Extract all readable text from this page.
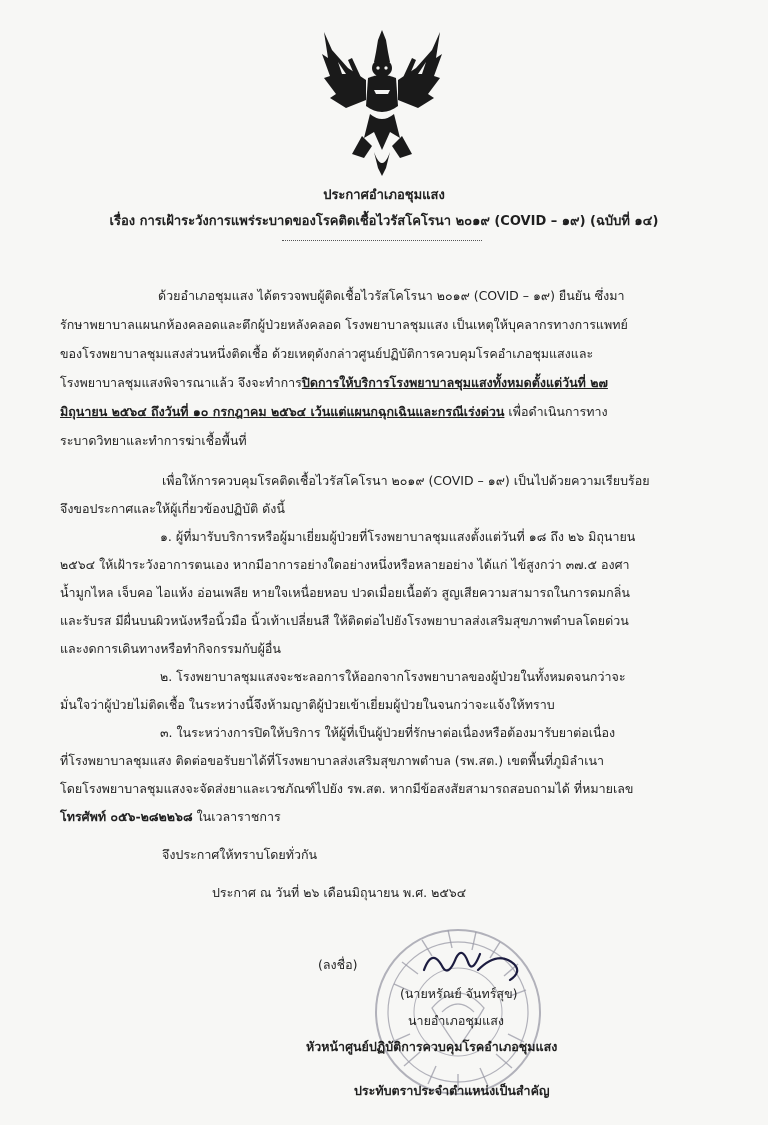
ประกาศอำเภอชุมแสง
เรื่อง การเฝ้าระวังการแพร่ระบาดของโรคติดเชื้อไวรัสโคโรนา ๒๐๑๙ (COVID – ๑๙) (ฉบับที่ ๑๔)
ด้วยอำเภอชุมแสง ได้ตรวจพบผู้ติดเชื้อไวรัสโคโรนา ๒๐๑๙ (COVID – ๑๙) ยืนยัน ซึ่งมา
รักษาพยาบาลแผนกห้องคลอดและตึกผู้ป่วยหลังคลอด โรงพยาบาลชุมแสง เป็นเหตุให้บุคลากรทางการแพทย์
ของโรงพยาบาลชุมแสงส่วนหนึ่งติดเชื้อ ด้วยเหตุดังกล่าวศูนย์ปฏิบัติการควบคุมโรคอำเภอชุมแสงและ
โรงพยาบาลชุมแสงพิจารณาแล้ว จึงจะทำการปิดการให้บริการโรงพยาบาลชุมแสงทั้งหมดตั้งแต่วันที่ ๒๗
มิถุนายน ๒๕๖๔ ถึงวันที่ ๑๐ กรกฎาคม ๒๕๖๔ เว้นแต่แผนกฉุกเฉินและกรณีเร่งด่วน เพื่อดำเนินการทาง
ระบาดวิทยาและทำการฆ่าเชื้อพื้นที่
เพื่อให้การควบคุมโรคติดเชื้อไวรัสโคโรนา ๒๐๑๙ (COVID – ๑๙) เป็นไปด้วยความเรียบร้อย
จึงขอประกาศและให้ผู้เกี่ยวข้องปฏิบัติ ดังนี้
๑. ผู้ที่มารับบริการหรือผู้มาเยี่ยมผู้ป่วยที่โรงพยาบาลชุมแสงตั้งแต่วันที่ ๑๘ ถึง ๒๖ มิถุนายน
๒๕๖๔ ให้เฝ้าระวังอาการตนเอง หากมีอาการอย่างใดอย่างหนึ่งหรือหลายอย่าง ได้แก่ ไข้สูงกว่า ๓๗.๕ องศา
น้ำมูกไหล เจ็บคอ ไอแห้ง อ่อนเพลีย หายใจเหนื่อยหอบ ปวดเมื่อยเนื้อตัว สูญเสียความสามารถในการดมกลิ่น
และรับรส มีผื่นบนผิวหนังหรือนิ้วมือ นิ้วเท้าเปลี่ยนสี ให้ติดต่อไปยังโรงพยาบาลส่งเสริมสุขภาพตำบลโดยด่วน
และงดการเดินทางหรือทำกิจกรรมกับผู้อื่น
๒. โรงพยาบาลชุมแสงจะชะลอการให้ออกจากโรงพยาบาลของผู้ป่วยในทั้งหมดจนกว่าจะ
มั่นใจว่าผู้ป่วยไม่ติดเชื้อ ในระหว่างนี้จึงห้ามญาติผู้ป่วยเข้าเยี่ยมผู้ป่วยในจนกว่าจะแจ้งให้ทราบ
๓. ในระหว่างการปิดให้บริการ ให้ผู้ที่เป็นผู้ป่วยที่รักษาต่อเนื่องหรือต้องมารับยาต่อเนื่อง
ที่โรงพยาบาลชุมแสง ติดต่อขอรับยาได้ที่โรงพยาบาลส่งเสริมสุขภาพตำบล (รพ.สต.) เขตพื้นที่ภูมิลำเนา
โดยโรงพยาบาลชุมแสงจะจัดส่งยาและเวชภัณฑ์ไปยัง รพ.สต. หากมีข้อสงสัยสามารถสอบถามได้ ที่หมายเลข
โทรศัพท์ ๐๕๖-๒๘๒๒๖๘ ในเวลาราชการ
จึงประกาศให้ทราบโดยทั่วกัน
ประกาศ ณ วันที่ ๒๖ เดือนมิถุนายน พ.ศ. ๒๕๖๔
(ลงชื่อ)
(นายหรัณย์ จันทร์สุข)
นายอำเภอชุมแสง
หัวหน้าศูนย์ปฏิบัติการควบคุมโรคอำเภอชุมแสง
ประทับตราประจำตำแหน่งเป็นสำคัญ
